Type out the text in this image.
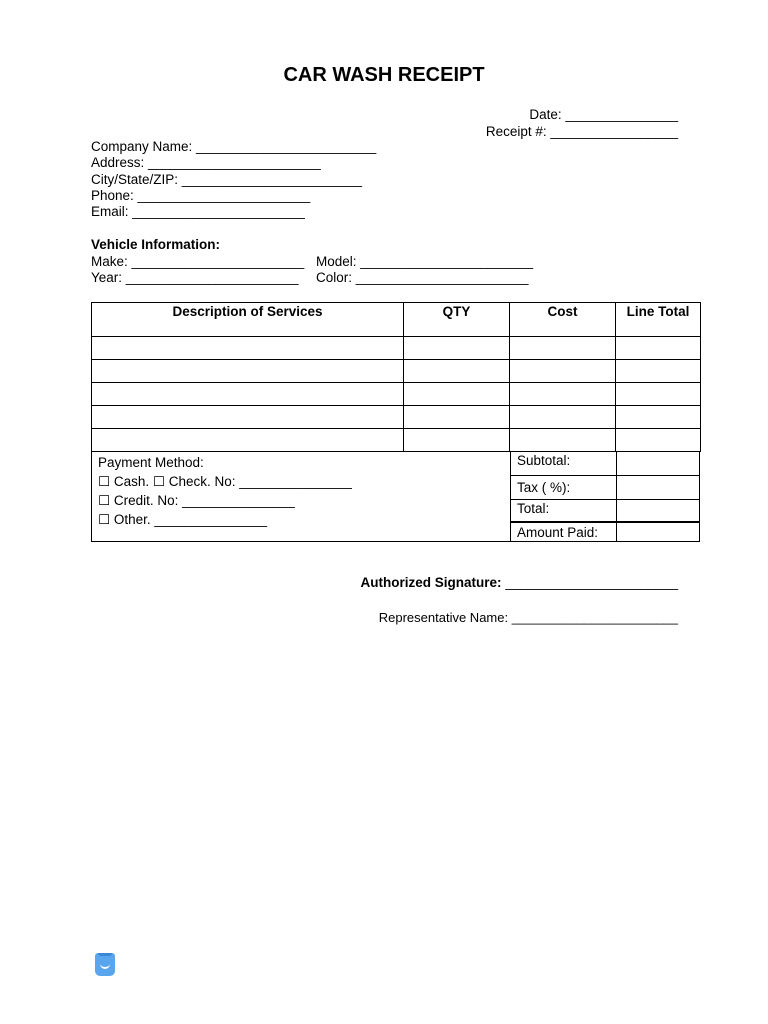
CAR WASH RECEIPT
Date: _______________
Receipt #: _________________
Company Name: ________________________
Address: _______________________
City/State/ZIP: ________________________
Phone: _______________________
Email: _______________________
Vehicle Information:
Make: _______________________ Model: _______________________
Year: _______________________ Color: _______________________
Description of Services	QTY	Cost	Line Total

Payment Method:
☐ Cash. ☐ Check. No: _______________
☐ Credit. No: _______________
☐ Other. _______________
Subtotal:
Tax ( %):
Total:
Amount Paid:
Authorized Signature: _______________________
Representative Name: _______________________
